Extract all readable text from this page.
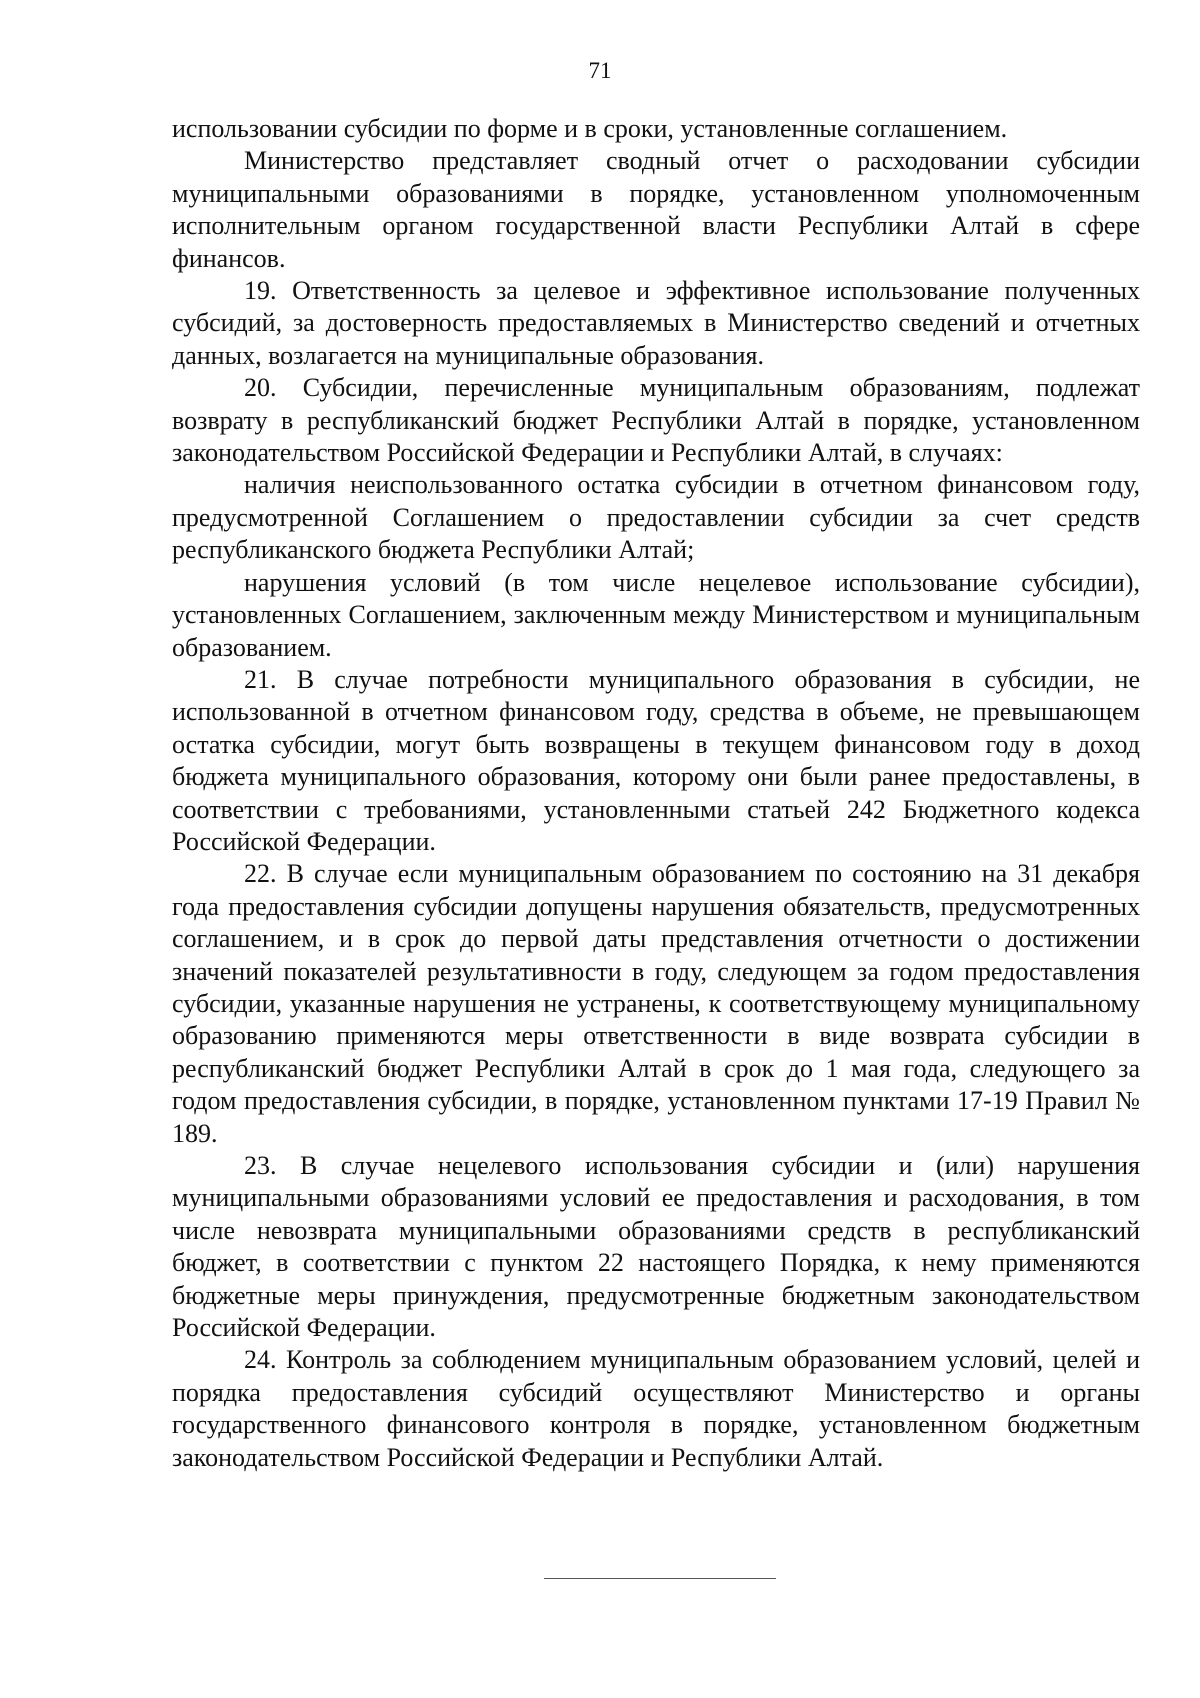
71

использовании субсидии по форме и в сроки, установленные соглашением.

Министерство представляет сводный отчет о расходовании субсидии муниципальными образованиями в порядке, установленном уполномоченным исполнительным органом государственной власти Республики Алтай в сфере финансов.

19. Ответственность за целевое и эффективное использование полученных субсидий, за достоверность предоставляемых в Министерство сведений и отчетных данных, возлагается на муниципальные образования.

20. Субсидии, перечисленные муниципальным образованиям, подлежат возврату в республиканский бюджет Республики Алтай в порядке, установленном законодательством Российской Федерации и Республики Алтай, в случаях:

наличия неиспользованного остатка субсидии в отчетном финансовом году, предусмотренной Соглашением о предоставлении субсидии за счет средств республиканского бюджета Республики Алтай;

нарушения условий (в том числе нецелевое использование субсидии), установленных Соглашением, заключенным между Министерством и муниципальным образованием.

21. В случае потребности муниципального образования в субсидии, не использованной в отчетном финансовом году, средства в объеме, не превышающем остатка субсидии, могут быть возвращены в текущем финансовом году в доход бюджета муниципального образования, которому они были ранее предоставлены, в соответствии с требованиями, установленными статьей 242 Бюджетного кодекса Российской Федерации.

22. В случае если муниципальным образованием по состоянию на 31 декабря года предоставления субсидии допущены нарушения обязательств, предусмотренных соглашением, и в срок до первой даты представления отчетности о достижении значений показателей результативности в году, следующем за годом предоставления субсидии, указанные нарушения не устранены, к соответствующему муниципальному образованию применяются меры ответственности в виде возврата субсидии в республиканский бюджет Республики Алтай в срок до 1 мая года, следующего за годом предоставления субсидии, в порядке, установленном пунктами 17-19 Правил № 189.

23. В случае нецелевого использования субсидии и (или) нарушения муниципальными образованиями условий ее предоставления и расходования, в том числе невозврата муниципальными образованиями средств в республиканский бюджет, в соответствии с пунктом 22 настоящего Порядка, к нему применяются бюджетные меры принуждения, предусмотренные бюджетным законодательством Российской Федерации.

24. Контроль за соблюдением муниципальным образованием условий, целей и порядка предоставления субсидий осуществляют Министерство и органы государственного финансового контроля в порядке, установленном бюджетным законодательством Российской Федерации и Республики Алтай.
